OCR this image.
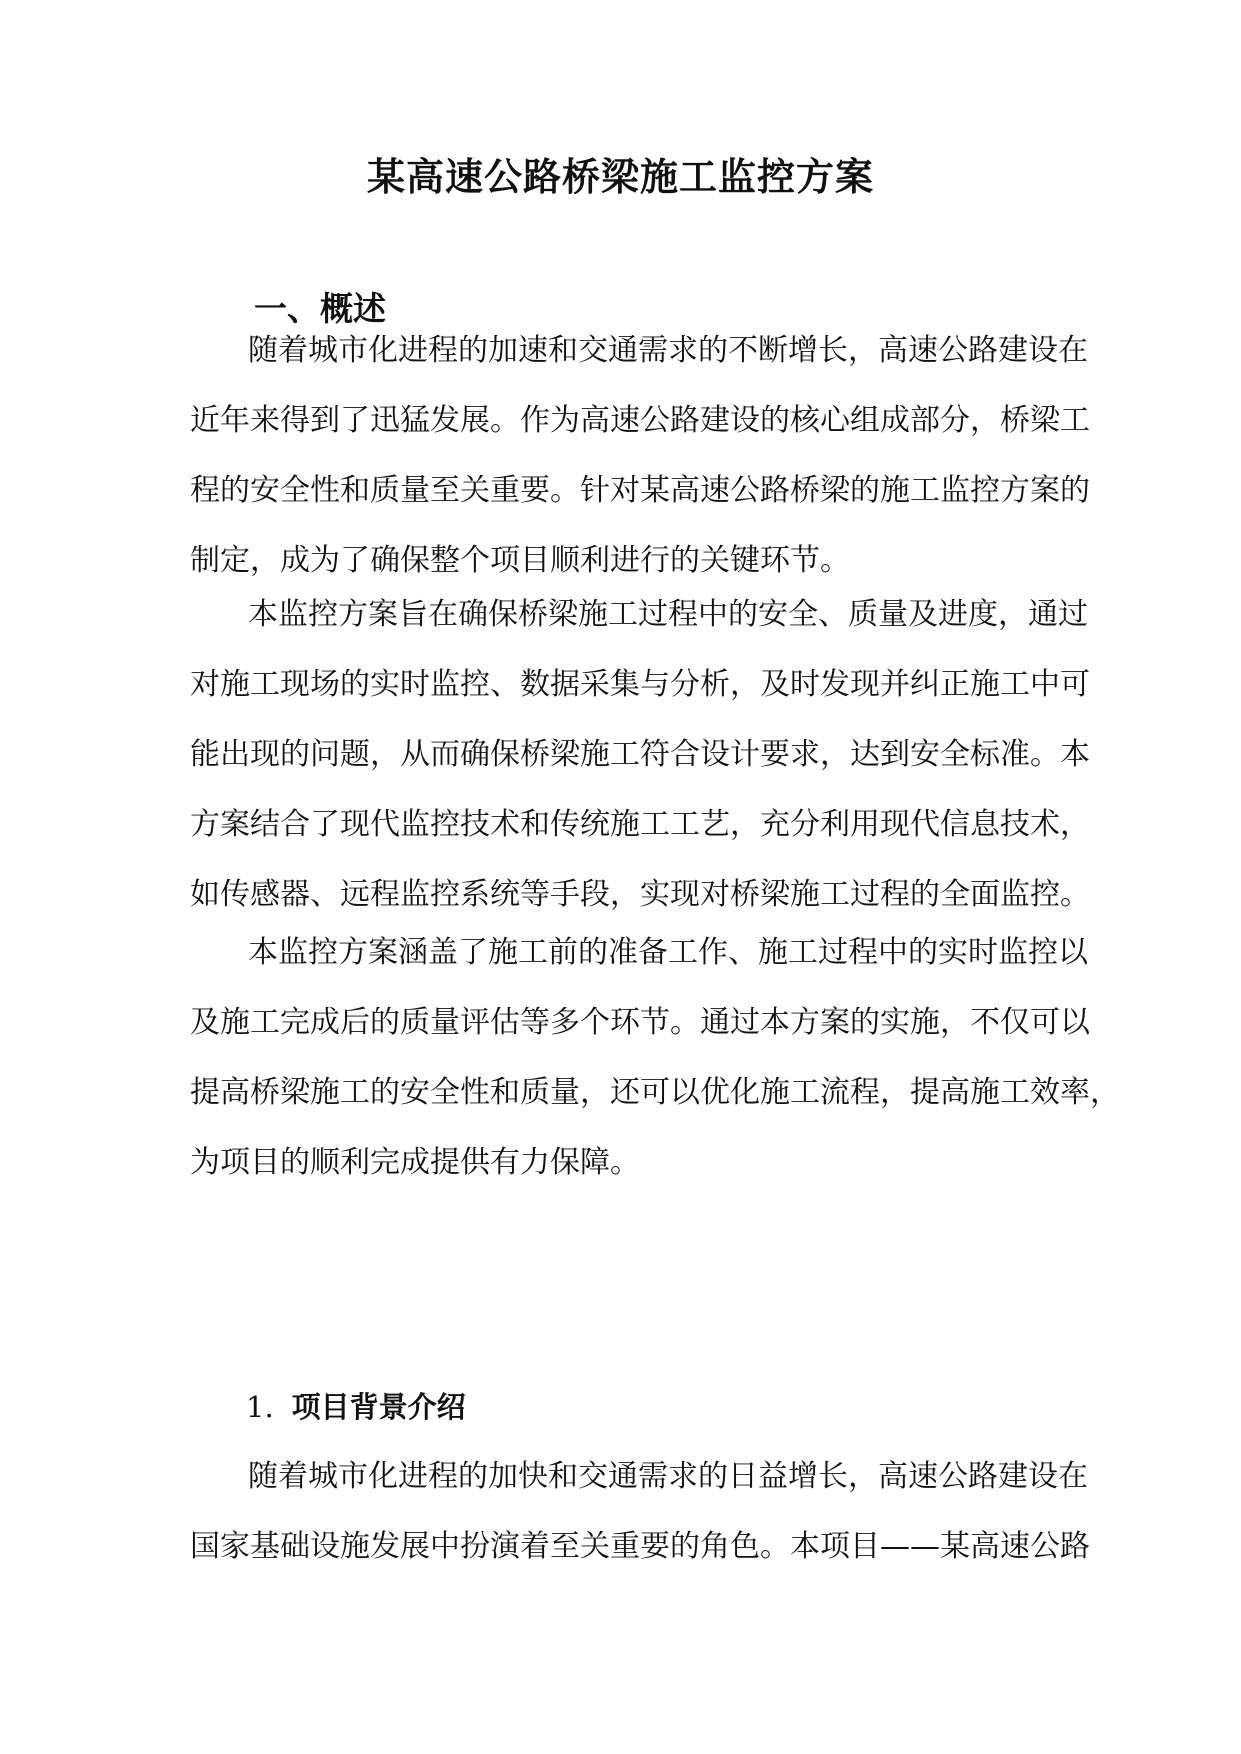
某高速公路桥梁施工监控方案
一、概述
随着城市化进程的加速和交通需求的不断增长，高速公路建设在
近年来得到了迅猛发展。作为高速公路建设的核心组成部分，桥梁工
程的安全性和质量至关重要。针对某高速公路桥梁的施工监控方案的
制定，成为了确保整个项目顺利进行的关键环节。
本监控方案旨在确保桥梁施工过程中的安全、质量及进度，通过
对施工现场的实时监控、数据采集与分析，及时发现并纠正施工中可
能出现的问题，从而确保桥梁施工符合设计要求，达到安全标准。本
方案结合了现代监控技术和传统施工工艺，充分利用现代信息技术，
如传感器、远程监控系统等手段，实现对桥梁施工过程的全面监控。
本监控方案涵盖了施工前的准备工作、施工过程中的实时监控以
及施工完成后的质量评估等多个环节。通过本方案的实施，不仅可以
提高桥梁施工的安全性和质量，还可以优化施工流程，提高施工效率，
为项目的顺利完成提供有力保障。
1. 项目背景介绍
随着城市化进程的加快和交通需求的日益增长，高速公路建设在
国家基础设施发展中扮演着至关重要的角色。本项目——某高速公路
